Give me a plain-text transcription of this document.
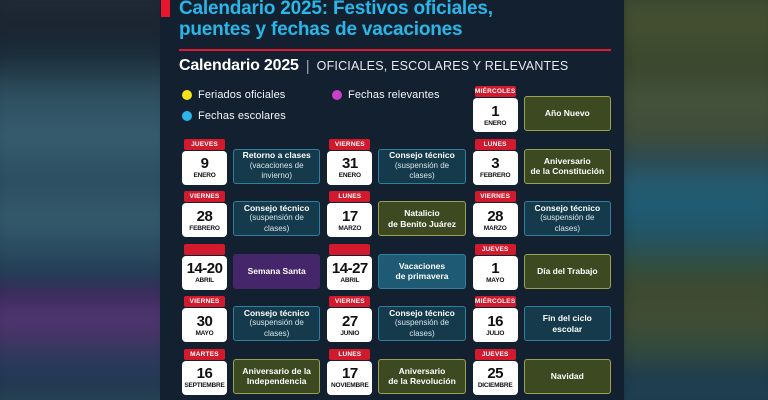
Calendario 2025: Festivos oficiales,
puentes y fechas de vacaciones
Calendario 2025 | OFICIALES, ESCOLARES Y RELEVANTES
Feriados oficiales	Fechas relevantes
Fechas escolares
MIÉRCOLES
1
ENERO
Año Nuevo
JUEVES
9
ENERO
Retorno a clases
(vacaciones de invierno)
VIERNES
31
ENERO
Consejo técnico
(suspensión de clases)
LUNES
3
FEBRERO
Aniversario
de la Constitución
VIERNES
28
FEBRERO
Consejo técnico
(suspensión de clases)
LUNES
17
MARZO
Natalicio
de Benito Juárez
VIERNES
28
MARZO
Consejo técnico
(suspensión de clases)
14-20
ABRIL
Semana Santa 14-27
ABRIL
Vacaciones
de primavera
JUEVES
1
MAYO
Día del Trabajo
VIERNES
30
MAYO
Consejo técnico
(suspensión de clases)
VIERNES
27
JUNIO
Consejo técnico
(suspensión de clases)
MIÉRCOLES
16
JULIO
Fin del ciclo escolar
MARTES
16
SEPTIEMBRE
Aniversario de la
Independencia
LUNES
17
NOVIEMBRE
Aniversario
de la Revolución
JUEVES
25
DICIEMBRE
Navidad
